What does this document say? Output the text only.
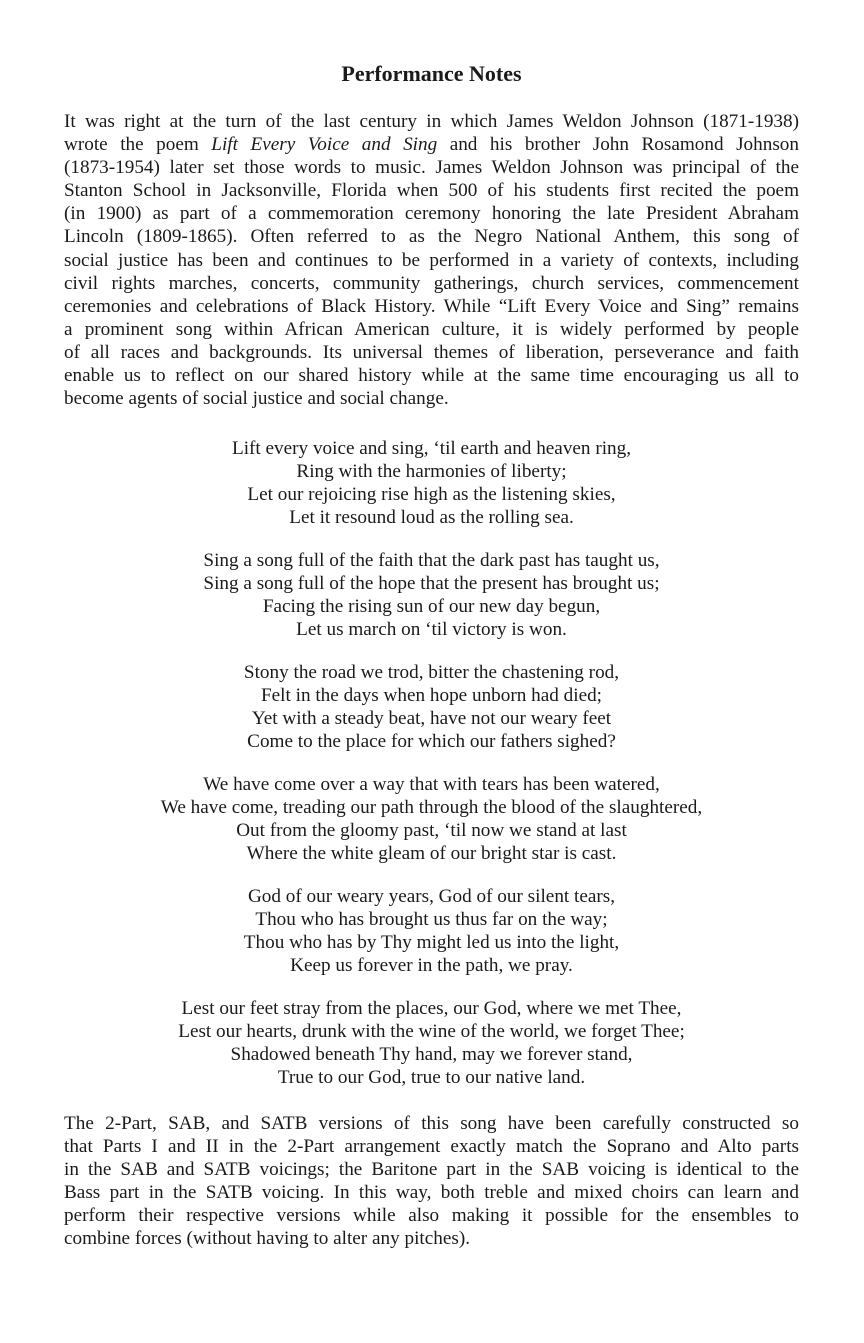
Performance Notes
It was right at the turn of the last century in which James Weldon Johnson (1871-1938)
wrote the poem Lift Every Voice and Sing and his brother John Rosamond Johnson
(1873-1954) later set those words to music. James Weldon Johnson was principal of the
Stanton School in Jacksonville, Florida when 500 of his students first recited the poem
(in 1900) as part of a commemoration ceremony honoring the late President Abraham
Lincoln (1809-1865). Often referred to as the Negro National Anthem, this song of
social justice has been and continues to be performed in a variety of contexts, including
civil rights marches, concerts, community gatherings, church services, commencement
ceremonies and celebrations of Black History. While “Lift Every Voice and Sing” remains
a prominent song within African American culture, it is widely performed by people
of all races and backgrounds. Its universal themes of liberation, perseverance and faith
enable us to reflect on our shared history while at the same time encouraging us all to
become agents of social justice and social change.
Lift every voice and sing, ‘til earth and heaven ring,
Ring with the harmonies of liberty;
Let our rejoicing rise high as the listening skies,
Let it resound loud as the rolling sea.
Sing a song full of the faith that the dark past has taught us,
Sing a song full of the hope that the present has brought us;
Facing the rising sun of our new day begun,
Let us march on ‘til victory is won.
Stony the road we trod, bitter the chastening rod,
Felt in the days when hope unborn had died;
Yet with a steady beat, have not our weary feet
Come to the place for which our fathers sighed?
We have come over a way that with tears has been watered,
We have come, treading our path through the blood of the slaughtered,
Out from the gloomy past, ‘til now we stand at last
Where the white gleam of our bright star is cast.
God of our weary years, God of our silent tears,
Thou who has brought us thus far on the way;
Thou who has by Thy might led us into the light,
Keep us forever in the path, we pray.
Lest our feet stray from the places, our God, where we met Thee,
Lest our hearts, drunk with the wine of the world, we forget Thee;
Shadowed beneath Thy hand, may we forever stand,
True to our God, true to our native land.
The 2-Part, SAB, and SATB versions of this song have been carefully constructed so
that Parts I and II in the 2-Part arrangement exactly match the Soprano and Alto parts
in the SAB and SATB voicings; the Baritone part in the SAB voicing is identical to the
Bass part in the SATB voicing. In this way, both treble and mixed choirs can learn and
perform their respective versions while also making it possible for the ensembles to
combine forces (without having to alter any pitches).
